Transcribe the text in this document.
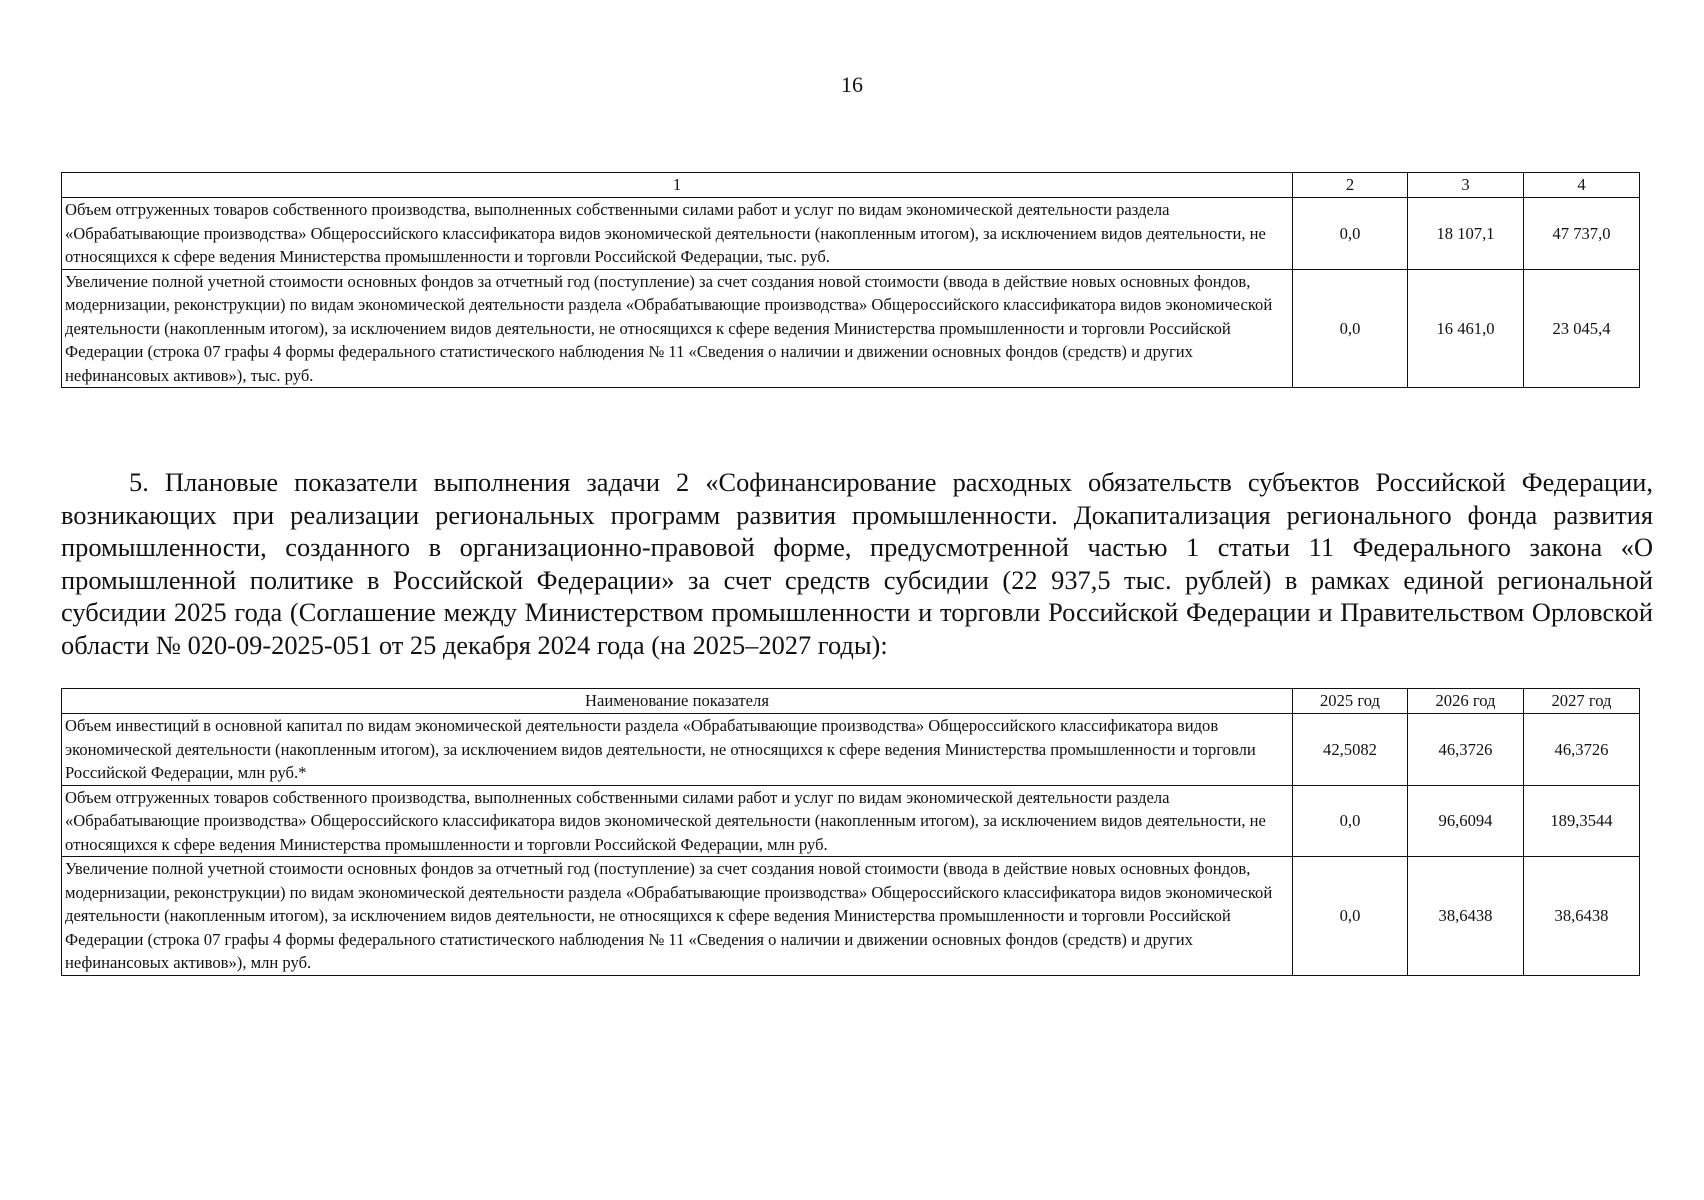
16
1	2	3	4
Объем отгруженных товаров собственного производства, выполненных собственными силами работ и услуг по видам экономической деятельности раздела «Обрабатывающие производства» Общероссийского классификатора видов экономической деятельности (накопленным итогом), за исключением видов деятельности, не относящихся к сфере ведения Министерства промышленности и торговли Российской Федерации, тыс. руб.	0,0	18 107,1	47 737,0
Увеличение полной учетной стоимости основных фондов за отчетный год (поступление) за счет создания новой стоимости (ввода в действие новых основных фондов, модернизации, реконструкции) по видам экономической деятельности раздела «Обрабатывающие производства» Общероссийского классификатора видов экономической деятельности (накопленным итогом), за исключением видов деятельности, не относящихся к сфере ведения Министерства промышленности и торговли Российской Федерации (строка 07 графы 4 формы федерального статистического наблюдения № 11 «Сведения о наличии и движении основных фондов (средств) и других нефинансовых активов»), тыс. руб.	0,0	16 461,0	23 045,4

5. Плановые показатели выполнения задачи 2 «Софинансирование расходных обязательств субъектов Российской Федерации, возникающих при реализации региональных программ развития промышленности. Докапитализация регионального фонда развития промышленности, созданного в организационно-правовой форме, предусмотренной частью 1 статьи 11 Федерального закона «О промышленной политике в Российской Федерации» за счет средств субсидии (22 937,5 тыс. рублей) в рамках единой региональной субсидии 2025 года (Соглашение между Министерством промышленности и торговли Российской Федерации и Правительством Орловской области № 020-09-2025-051 от 25 декабря 2024 года (на 2025–2027 годы):

Наименование показателя	2025 год	2026 год	2027 год
Объем инвестиций в основной капитал по видам экономической деятельности раздела «Обрабатывающие производства» Общероссийского классификатора видов экономической деятельности (накопленным итогом), за исключением видов деятельности, не относящихся к сфере ведения Министерства промышленности и торговли Российской Федерации, млн руб.*	42,5082	46,3726	46,3726
Объем отгруженных товаров собственного производства, выполненных собственными силами работ и услуг по видам экономической деятельности раздела «Обрабатывающие производства» Общероссийского классификатора видов экономической деятельности (накопленным итогом), за исключением видов деятельности, не относящихся к сфере ведения Министерства промышленности и торговли Российской Федерации, млн руб.	0,0	96,6094	189,3544
Увеличение полной учетной стоимости основных фондов за отчетный год (поступление) за счет создания новой стоимости (ввода в действие новых основных фондов, модернизации, реконструкции) по видам экономической деятельности раздела «Обрабатывающие производства» Общероссийского классификатора видов экономической деятельности (накопленным итогом), за исключением видов деятельности, не относящихся к сфере ведения Министерства промышленности и торговли Российской Федерации (строка 07 графы 4 формы федерального статистического наблюдения № 11 «Сведения о наличии и движении основных фондов (средств) и других нефинансовых активов»), млн руб.	0,0	38,6438	38,6438
